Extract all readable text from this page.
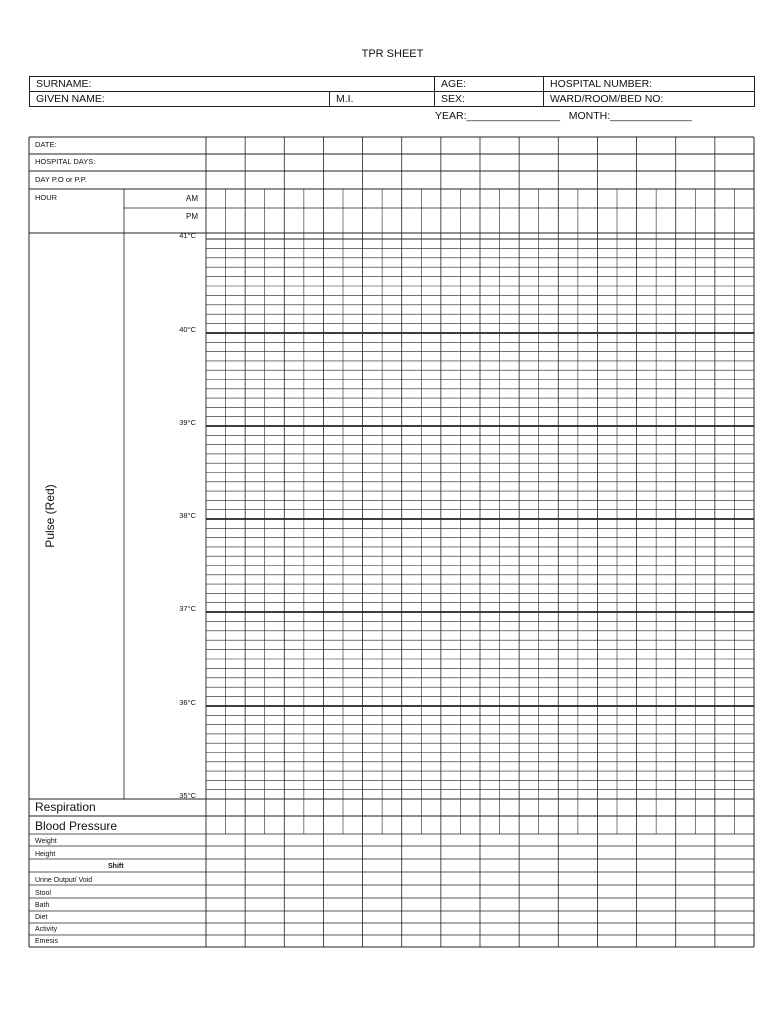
TPR SHEET
SURNAME:		AGE:	HOSPITAL NUMBER:
GIVEN NAME:	M.I.	SEX:	WARD/ROOM/BED NO:
YEAR:________________   MONTH:______________
DATE:
HOSPITAL DAYS:
DAY P.O or P.P.
HOUR	AM
PM
41°C
40°C
39°C
38°C
37°C
36°C
35°C
Pulse (Red)
Respiration
Blood Pressure
Weight
Height
Shift
Urine Output/ Void
Stool
Bath
Diet
Activity
Emesis
